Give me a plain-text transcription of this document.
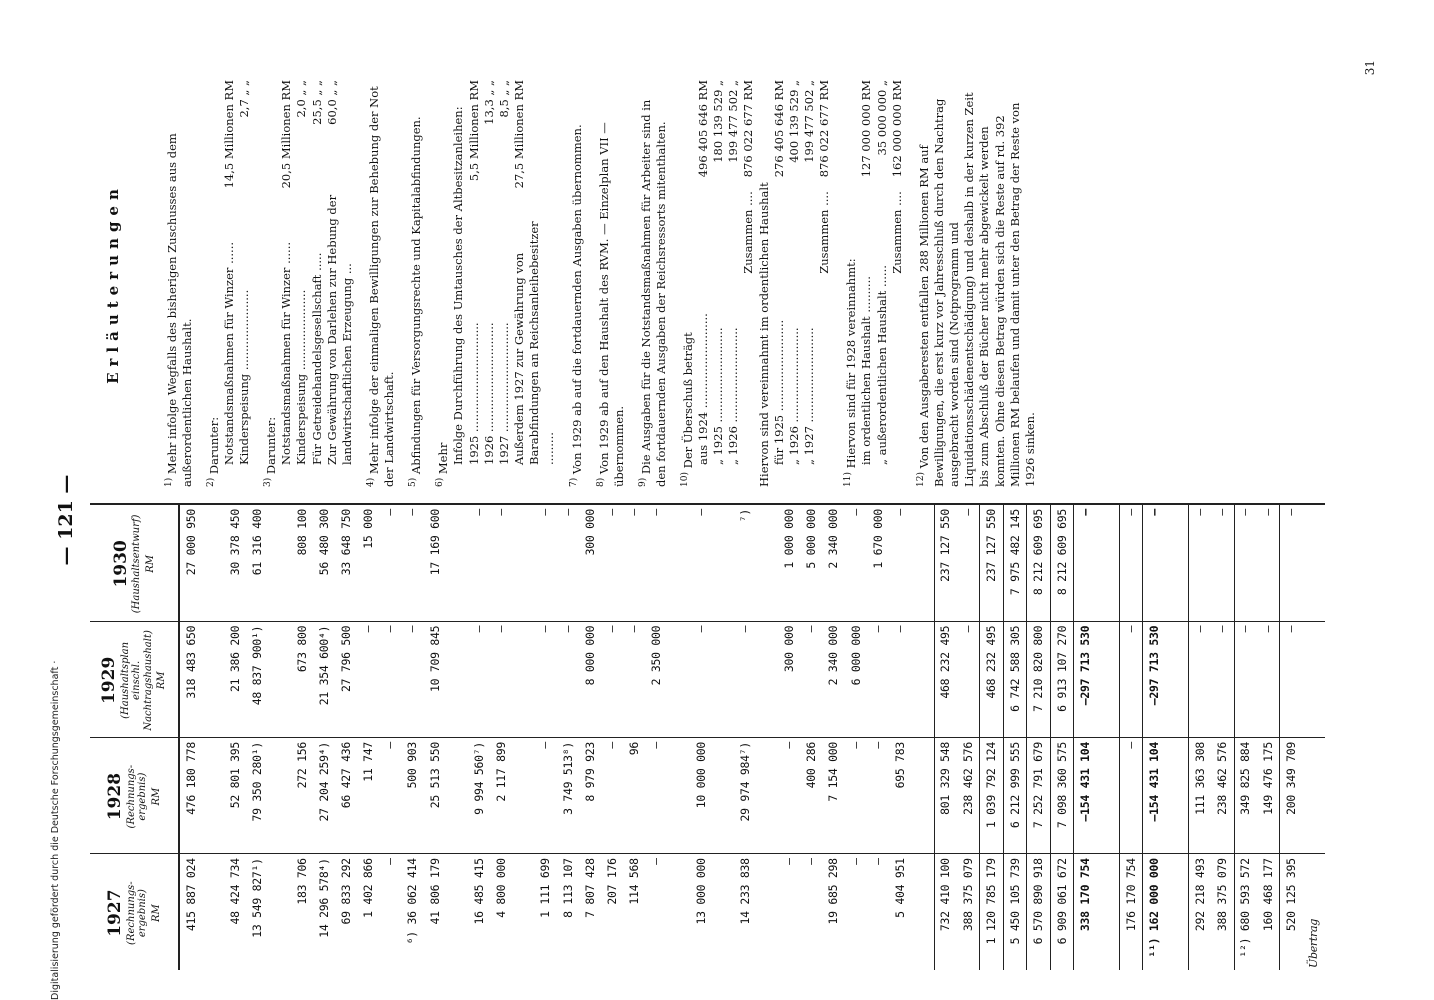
— 121 —
1927 (Rechnungs-ergebnis) RM	1928 (Rechnungs-ergebnis) RM	1929 (Haushaltsplan einschl. Nachtragshaushalt) RM	1930 (Haushaltsentwurf) RM

415 887 024	476 180 778	318 483 650	27 000 950

48 424 734	52 801 395	21 386 200	30 378 450
13 549 827¹)	79 350 280¹)	48 837 900¹)	61 316 400

183 706	272 156	673 800	808 100
14 296 578⁴)	27 204 259⁴)	21 354 600⁴)	56 480 300
69 833 292	66 427 436	27 796 500	33 648 750
1 402 866	11 747	—	15 000
—	—	—	—
⁶) 36 062 414	500 903	—	—
41 806 179	25 513 550	10 709 845	17 169 600

16 485 415	9 994 560⁷)	—	—
4 800 000	2 117 899	—	—

1 111 699	—	—	—
8 113 107	3 749 513⁸)	—	—
7 807 428	8 979 923	8 000 000	300 000
207 176	—	—	—
114 568	96	—	—
—	—	2 350 000	—

13 000 000	10 000 000	—	—

14 233 838	29 974 984⁷)	—	⁷)

—	—	300 000	1 000 000
—	400 286	—	5 000 000
19 685 298	7 154 000	2 340 000	2 340 000
—	—	6 000 000	—
—	—	—	1 670 000
5 404 951	695 783	—	—

732 410 100	801 329 548	468 232 495	237 127 550
388 375 079	238 462 576	—	—
1 120 785 179	1 039 792 124	468 232 495	237 127 550
5 450 105 739	6 212 999 555	6 742 588 305	7 975 482 145
6 570 890 918	7 252 791 679	7 210 820 800	8 212 609 695
6 909 061 672	7 098 360 575	6 913 107 270	8 212 609 695
338 170 754	—154 431 104	—297 713 530	—

176 170 754	—	—	—
¹¹) 162 000 000	—154 431 104	—297 713 530	—

292 218 493	111 363 308	—	—
388 375 079	238 462 576	—	—
¹²) 680 593 572	349 825 884	—	—
160 468 177	149 476 175	—	—
520 125 395	200 349 709	—	—
Übertrag			
Erläuterungen
$^{1)}$ Mehr infolge Wegfalls des bisherigen Zuschusses aus dem außerordentlichen Haushalt. $^{2)}$ Darunter: Notstandsmaßnahmen für Winzer ......
14,5 Millionen RM
Kinderspeisung ......................
2,7 „ „
$^{3)}$ Darunter: Notstandsmaßnahmen für Winzer ......
20,5 Millionen RM
Kinderspeisung ......................
2,0 „ „
Für Getreidehandelsgesellschaft .....
25,5 „ „
Zur Gewährung von Darlehen zur Hebung der landwirtschaftlichen Erzeugung ...
60,0 „ „
$^{4)}$ Mehr infolge der einmaligen Bewilligungen zur Behebung der Not der Landwirtschaft. $^{5)}$ Abfindungen für Versorgungsrechte und Kapitalabfindungen.
$^{6)}$ Mehr Infolge Durchführung des Umtausches der Altbesitzanleihen: 1925 ..............................
5,5 Millionen RM
1926 ..............................
13,3 „ „
1927 ..............................
8,5 „ „
Außerdem 1927 zur Gewährung von Barabfindungen an Reichsanleihebesitzer .........
27,5 Millionen RM
$^{7)}$ Von 1929 ab auf die fortdauernden Ausgaben übernommen.
$^{8)}$ Von 1929 ab auf den Haushalt des RVM. — Einzelplan VII — übernommen. $^{9)}$ Die Ausgaben für die Notstandsmaßnahmen für Arbeiter sind in den fortdauernden Ausgaben der Reichsressorts mitenthalten. $^{10)}$ Der Überschuß beträgt aus 1924 ..........................
496 405 646 RM
„ 1925 ..........................
180 139 529 „
„ 1926 ..........................
199 477 502 „
Zusammen ....
876 022 677 RM
Hiervon sind vereinnahmt im ordentlichen Haushalt für 1925 .........................
276 405 646 RM
„ 1926 ..........................
400 139 529 „
„ 1927 ..........................
199 477 502 „
Zusammen ....
876 022 677 RM
$^{11)}$ Hiervon sind für 1928 vereinnahmt: im ordentlichen Haushalt ..........
127 000 000 RM
„ außerordentlichen Haushalt ......
35 000 000 „
Zusammen ....
162 000 000 RM
$^{12)}$ Von den Ausgaberesten entfallen 288 Millionen RM auf Bewilligungen, die erst kurz vor Jahresschluß durch den Nachtrag ausgebracht worden sind (Notprogramm und Liquidationsschädenentschädigung) und deshalb in der kurzen Zeit bis zum Abschluß der Bücher nicht mehr abgewickelt werden konnten. Ohne diesen Betrag würden sich die Reste auf rd. 392 Millionen RM belaufen und damit unter den Betrag der Reste von 1926 sinken.
31
Digitalisierung gefördert durch die Deutsche Forschungsgemeinschaft ·
